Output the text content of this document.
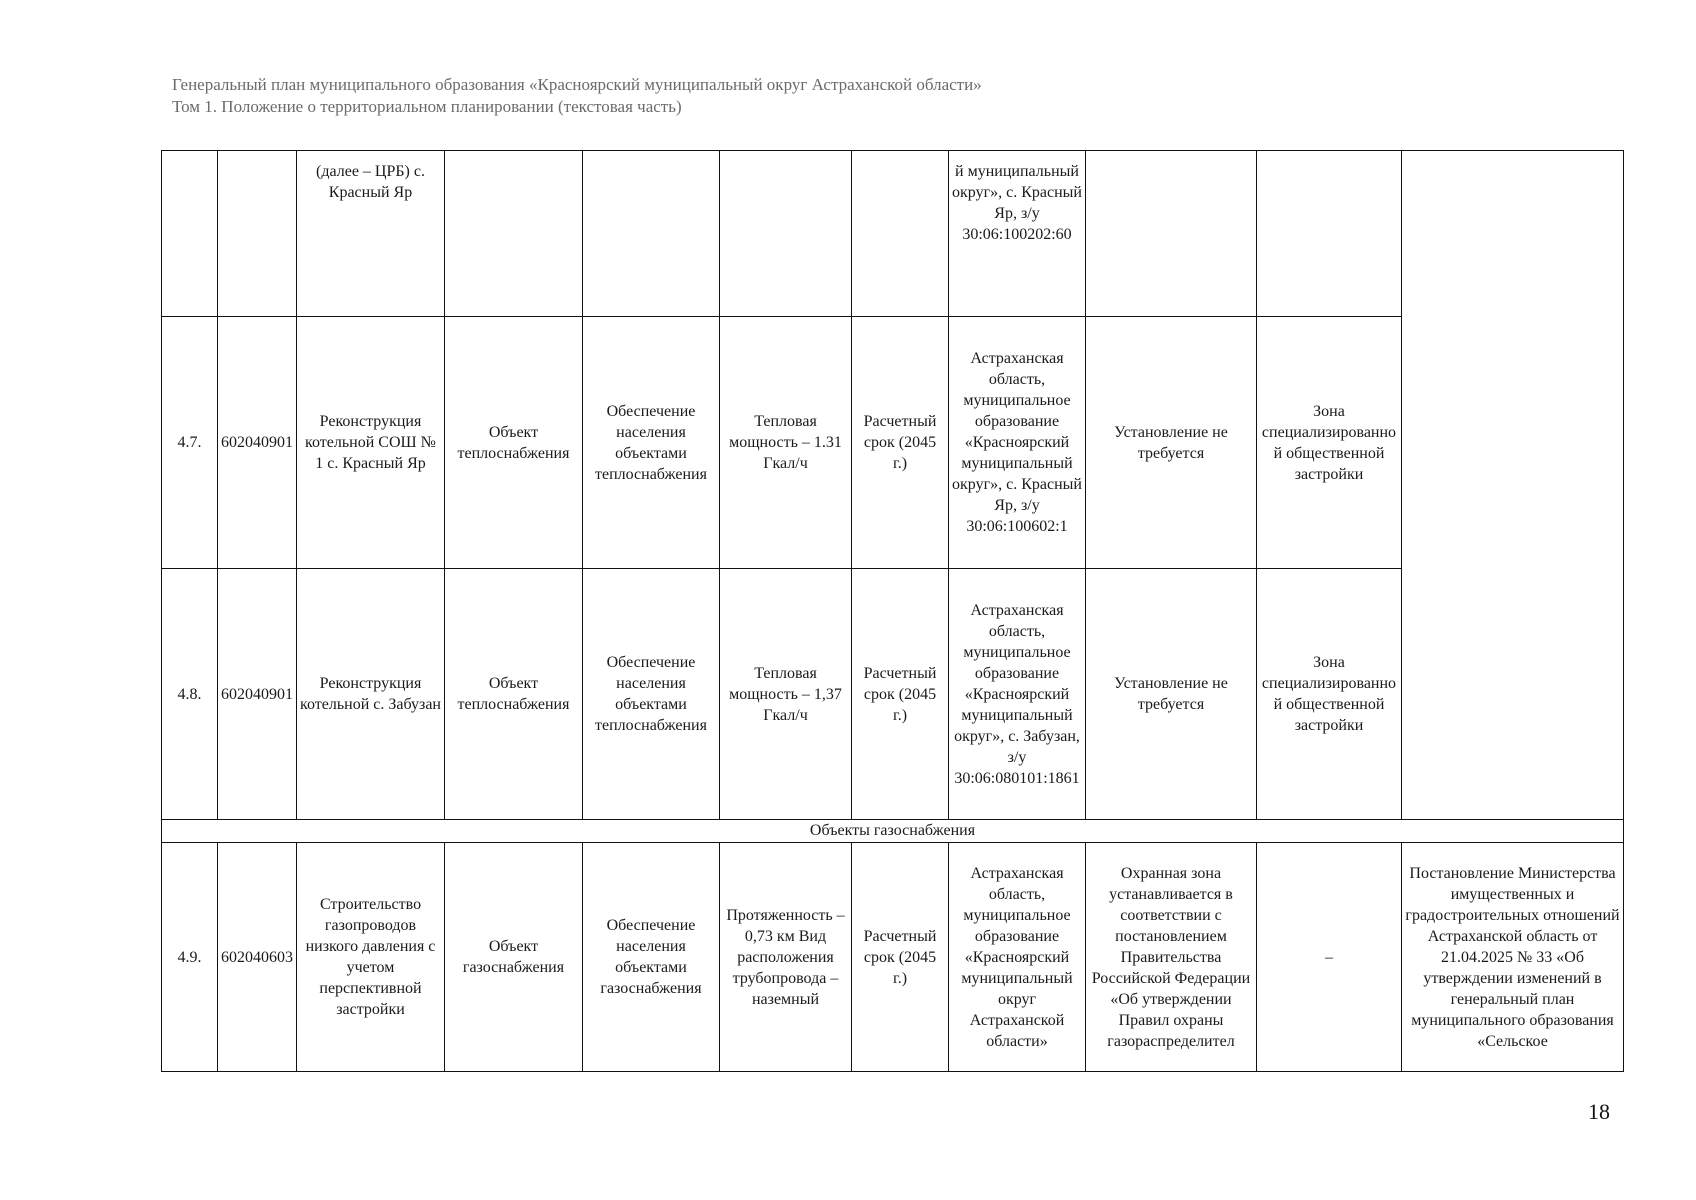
Генеральный план муниципального образования «Красноярский муниципальный округ Астраханской области»
Том 1. Положение о территориальном планировании (текстовая часть)
		(далее – ЦРБ) с. Красный Яр					й муниципальный округ», с. Красный Яр, з/у 30:06:100202:60			
4.7.	602040901	Реконструкция котельной СОШ № 1 с. Красный Яр	Объект теплоснабжения	Обеспечение населения объектами теплоснабжения	Тепловая мощность – 1.31 Гкал/ч	Расчетный срок (2045 г.)	Астраханская область, муниципальное образование «Красноярский муниципальный округ», с. Красный Яр, з/у 30:06:100602:1	Установление не требуется	Зона специализированной общественной застройки	
4.8.	602040901	Реконструкция котельной с. Забузан	Объект теплоснабжения	Обеспечение населения объектами теплоснабжения	Тепловая мощность – 1,37 Гкал/ч	Расчетный срок (2045 г.)	Астраханская область, муниципальное образование «Красноярский муниципальный округ», с. Забузан, з/у 30:06:080101:1861	Установление не требуется	Зона специализированной общественной застройки	
Объекты газоснабжения										
4.9.	602040603	Строительство газопроводов низкого давления с учетом перспективной застройки	Объект газоснабжения	Обеспечение населения объектами газоснабжения	Протяженность – 0,73 км Вид расположения трубопровода – наземный	Расчетный срок (2045 г.)	Астраханская область, муниципальное образование «Красноярский муниципальный округ Астраханской области»	Охранная зона устанавливается в соответствии с постановлением Правительства Российской Федерации «Об утверждении Правил охраны газораспределител	–	Постановление Министерства имущественных и градостроительных отношений Астраханской область от 21.04.2025 № 33 «Об утверждении изменений в генеральный план муниципального образования «Сельское
18
